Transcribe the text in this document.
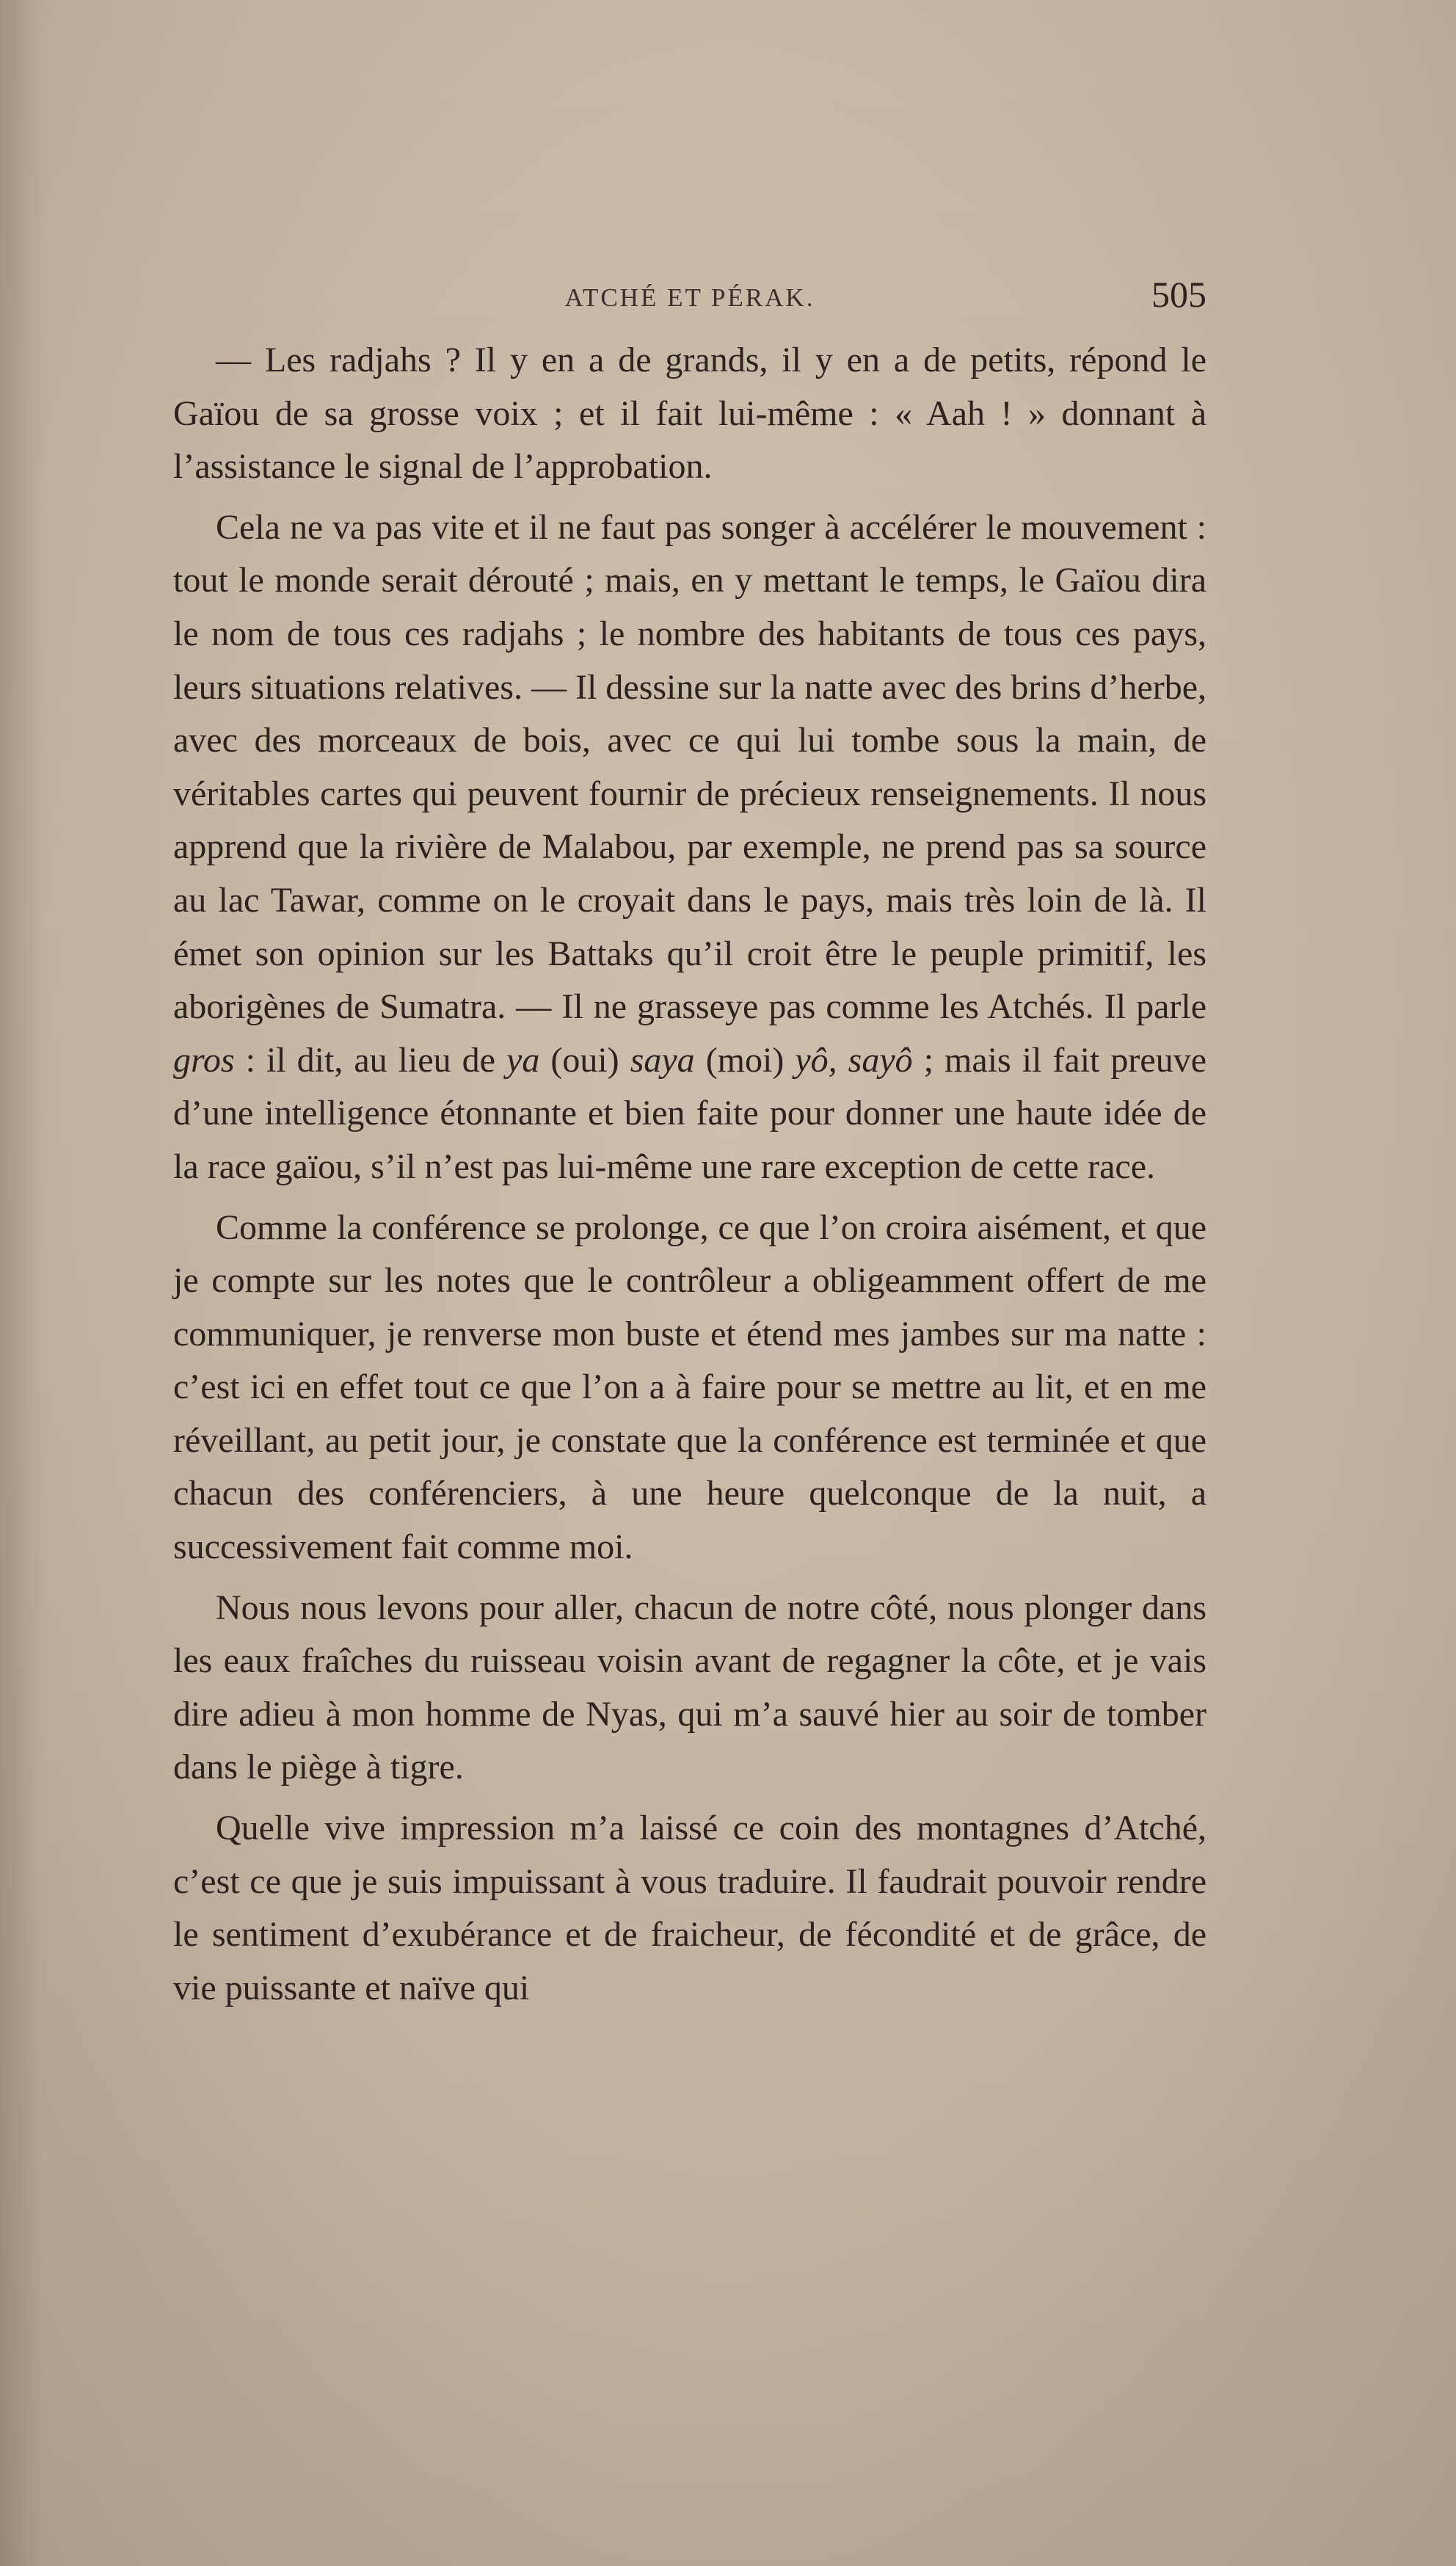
ATCHÉ ET PÉRAK.	505

— Les radjahs ? Il y en a de grands, il y en a de petits, répond le Gaïou de sa grosse voix ; et il fait lui-même : « Aah ! » donnant à l’assistance le signal de l’approbation.

Cela ne va pas vite et il ne faut pas songer à accélérer le mouvement : tout le monde serait dérouté ; mais, en y mettant le temps, le Gaïou dira le nom de tous ces radjahs ; le nombre des habitants de tous ces pays, leurs situations relatives. — Il dessine sur la natte avec des brins d’herbe, avec des morceaux de bois, avec ce qui lui tombe sous la main, de véritables cartes qui peuvent fournir de précieux renseignements. Il nous apprend que la rivière de Malabou, par exemple, ne prend pas sa source au lac Tawar, comme on le croyait dans le pays, mais très loin de là. Il émet son opinion sur les Battaks qu’il croit être le peuple primitif, les aborigènes de Sumatra. — Il ne grasseye pas comme les Atchés. Il parle gros : il dit, au lieu de ya (oui) saya (moi) yô, sayô ; mais il fait preuve d’une intelligence étonnante et bien faite pour donner une haute idée de la race gaïou, s’il n’est pas lui-même une rare exception de cette race.

Comme la conférence se prolonge, ce que l’on croira aisément, et que je compte sur les notes que le contrôleur a obligeamment offert de me communiquer, je renverse mon buste et étend mes jambes sur ma natte : c’est ici en effet tout ce que l’on a à faire pour se mettre au lit, et en me réveillant, au petit jour, je constate que la conférence est terminée et que chacun des conférenciers, à une heure quelconque de la nuit, a successivement fait comme moi.

Nous nous levons pour aller, chacun de notre côté, nous plonger dans les eaux fraîches du ruisseau voisin avant de regagner la côte, et je vais dire adieu à mon homme de Nyas, qui m’a sauvé hier au soir de tomber dans le piège à tigre.

Quelle vive impression m’a laissé ce coin des montagnes d’Atché, c’est ce que je suis impuissant à vous traduire. Il faudrait pouvoir rendre le sentiment d’exubérance et de fraicheur, de fécondité et de grâce, de vie puissante et naïve qui
